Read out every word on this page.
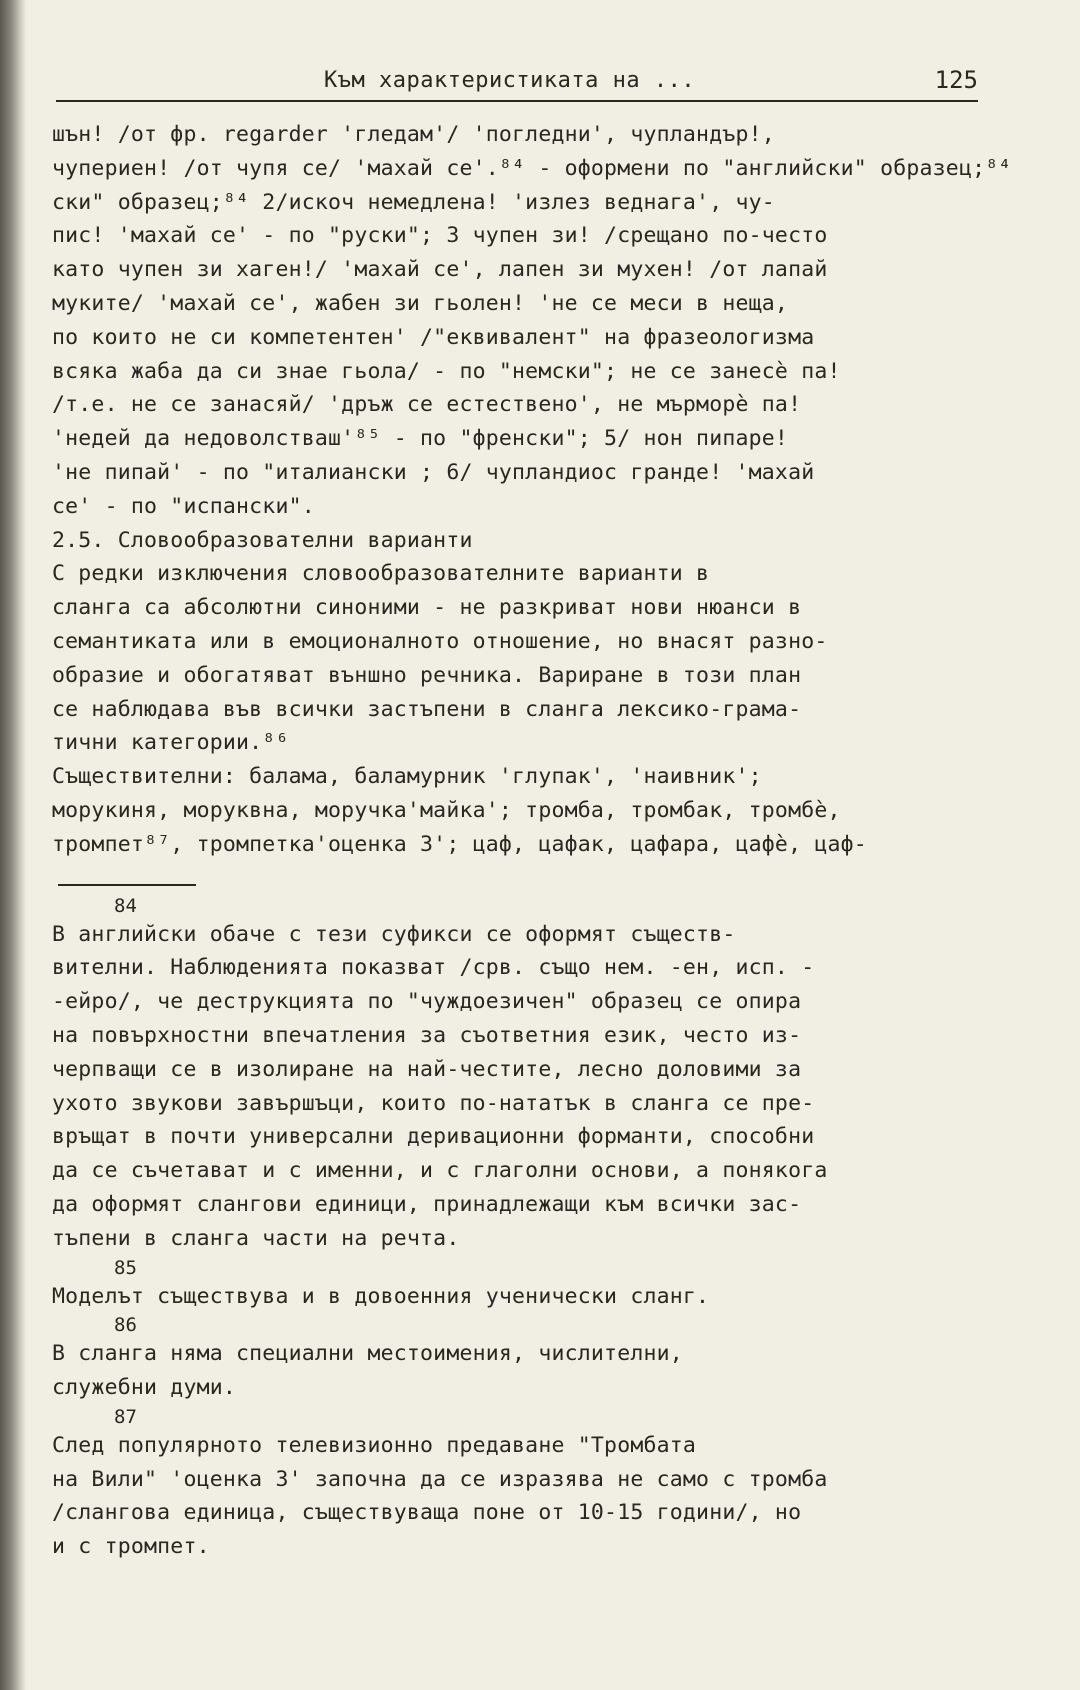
Към характеристиката на ...	125
шън! /от фр. regarder 'гледам'/ 'погледни', чупландър!,
чупериен! /от чупя се/ 'махай се'.⁸⁴ - оформени по "английски" образец;⁸⁴
ски" образец;⁸⁴ 2/искоч немедлена! 'излез веднага', чу-
пис! 'махай се' - по "руски"; 3 чупен зи! /срещано по-често
като чупен зи хаген!/ 'махай се', лапен зи мухен! /от лапай
муките/ 'махай се', жабен зи гьолен! 'не се меси в неща,
по които не си компетентен' /"еквивалент" на фразеологизма
всяка жаба да си знае гьола/ - по "немски"; не се занесѐ па!
/т.е. не се занасяй/ 'дръж се естествено', не мърморѐ па!
'недей да недоволстваш'⁸⁵ - по "френски"; 5/ нон пипаре!
'не пипай' - по "италиански ; 6/ чупландиос гранде! 'махай
се' - по "испански".
2.5. Словообразователни варианти
С редки изключения словообразователните варианти в
сланга са абсолютни синоними - не разкриват нови нюанси в
семантиката или в емоционалното отношение, но внасят разно-
образие и обогатяват външно речника. Вариране в този план
се наблюдава във всички застъпени в сланга лексико-грама-
тични категории.⁸⁶
Съществителни: балама, баламурник 'глупак', 'наивник';
морукиня, моруквна, моручка'майка'; тромба, тромбак, тромбѐ,
тромпет⁸⁷, тромпетка'оценка 3'; цаф, цафак, цафара, цафѐ, цаф-
84
В английски обаче с тези суфикси се оформят съществ-
вителни. Наблюденията показват /срв. също нем. -ен, исп. -
-ейро/, че деструкцията по "чуждоезичен" образец се опира
на повърхностни впечатления за съответния език, често из-
черпващи се в изолиране на най-честите, лесно доловими за
ухото звукови завършъци, които по-нататък в сланга се пре-
връщат в почти универсални деривационни форманти, способни
да се съчетават и с именни, и с глаголни основи, а понякога
да оформят слангови единици, принадлежащи към всички зас-
тъпени в сланга части на речта.
85
Моделът съществува и в довоенния ученически сланг.
86
В сланга няма специални местоимения, числителни,
служебни думи.
87
След популярното телевизионно предаване "Тромбата
на Вили" 'оценка 3' започна да се изразява не само с тромба
/слангова единица, съществуваща поне от 10-15 години/, но
и с тромпет.
